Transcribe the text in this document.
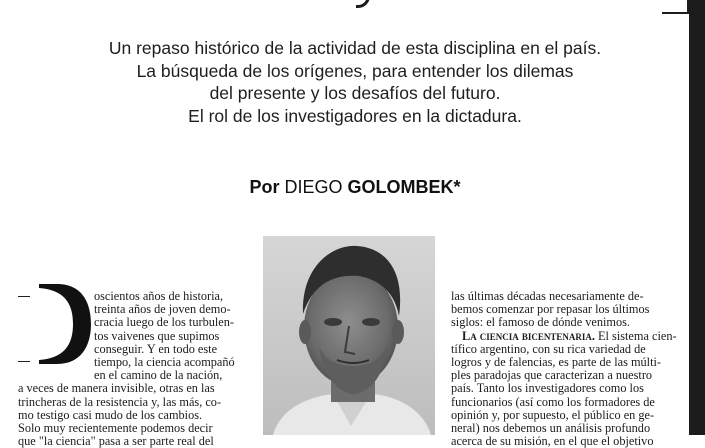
Un repaso histórico de la actividad de esta disciplina en el país.
La búsqueda de los orígenes, para entender los dilemas
del presente y los desafíos del futuro.
El rol de los investigadores en la dictadura.
Por DIEGO GOLOMBEK*
oscientos años de historia,
treinta años de joven demo-
cracia luego de los turbulen-
tos vaivenes que supimos
conseguir. Y en todo este
tiempo, la ciencia acompañó
en el camino de la nación,
a veces de manera invisible, otras en las
trincheras de la resistencia y, las más, co-
mo testigo casi mudo de los cambios.
Solo muy recientemente podemos decir
que "la ciencia" pasa a ser parte real del
las últimas décadas necesariamente de-
bemos comenzar por repasar los últimos
siglos: el famoso de dónde venimos.
La ciencia bicentenaria. El sistema cien-
tífico argentino, con su rica variedad de
logros y de falencias, es parte de las múlti-
ples paradojas que caracterizan a nuestro
país. Tanto los investigadores como los
funcionarios (así como los formadores de
opinión y, por supuesto, el público en ge-
neral) nos debemos un análisis profundo
acerca de su misión, en el que el objetivo
